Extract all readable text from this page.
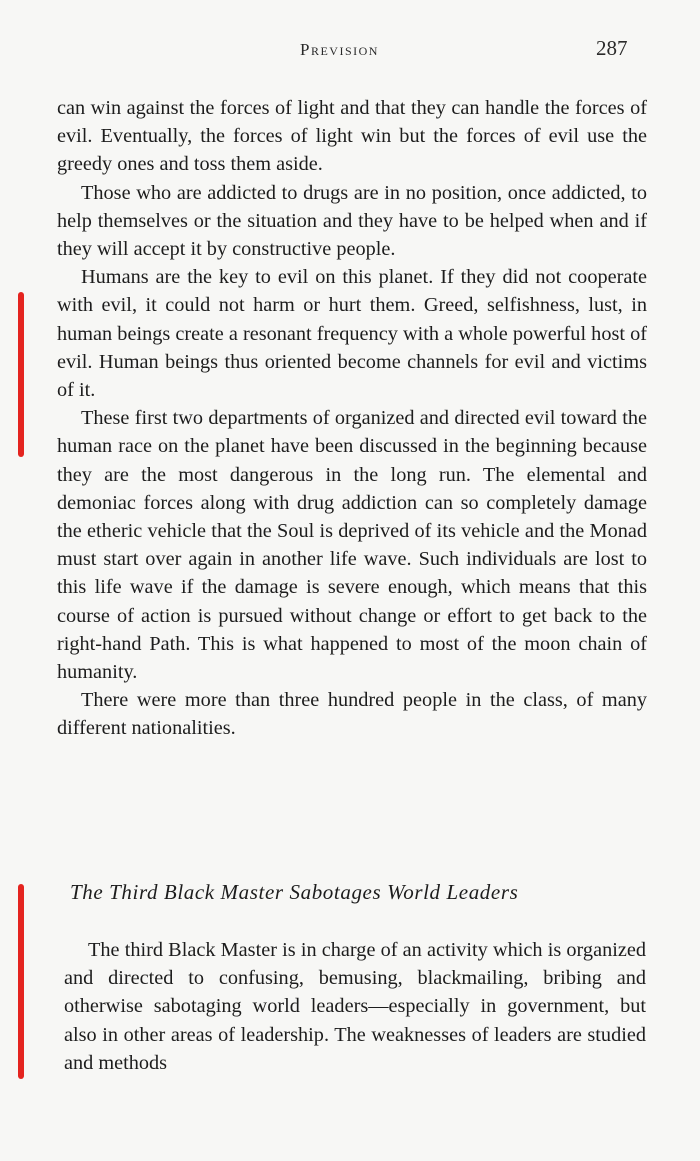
Prevision	287

can win against the forces of light and that they can handle the forces of evil. Eventually, the forces of light win but the forces of evil use the greedy ones and toss them aside.

Those who are addicted to drugs are in no position, once addicted, to help themselves or the situation and they have to be helped when and if they will accept it by constructive people.

Humans are the key to evil on this planet. If they did not cooperate with evil, it could not harm or hurt them. Greed, selfishness, lust, in human beings create a resonant frequency with a whole powerful host of evil. Human beings thus oriented become channels for evil and victims of it.

These first two departments of organized and directed evil toward the human race on the planet have been discussed in the beginning because they are the most dangerous in the long run. The elemental and demoniac forces along with drug addiction can so completely damage the etheric vehicle that the Soul is deprived of its vehicle and the Monad must start over again in another life wave. Such individuals are lost to this life wave if the damage is severe enough, which means that this course of action is pursued without change or effort to get back to the right-hand Path. This is what happened to most of the moon chain of humanity.

There were more than three hundred people in the class, of many different nationalities.

The Third Black Master Sabotages World Leaders

The third Black Master is in charge of an activity which is organized and directed to confusing, bemusing, blackmailing, bribing and otherwise sabotaging world leaders—especially in government, but also in other areas of leadership. The weaknesses of leaders are studied and methods
